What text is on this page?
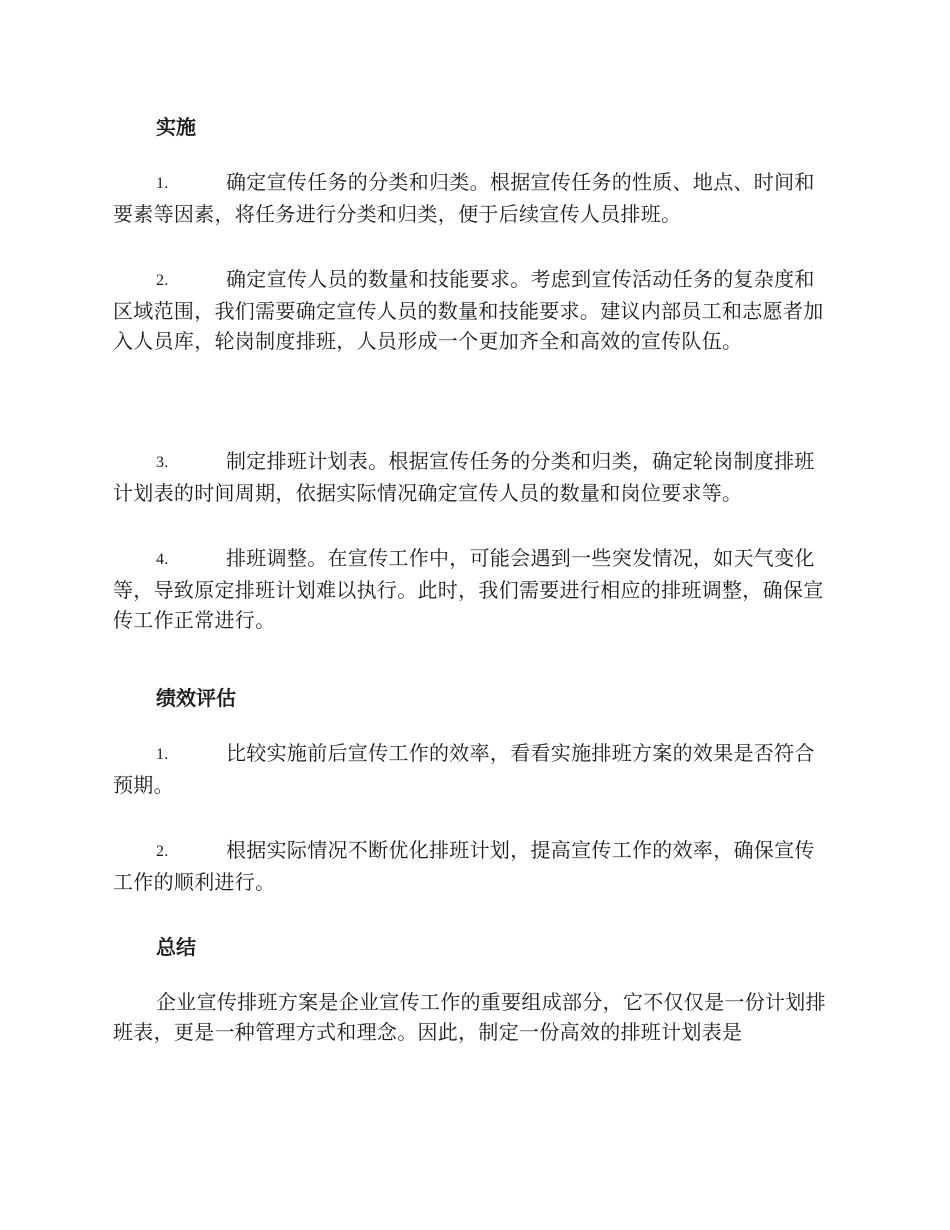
实施

1.	确定宣传任务的分类和归类。根据宣传任务的性质、地点、时间和要素等因素，将任务进行分类和归类，便于后续宣传人员排班。

2.	确定宣传人员的数量和技能要求。考虑到宣传活动任务的复杂度和区域范围，我们需要确定宣传人员的数量和技能要求。建议内部员工和志愿者加入人员库，轮岗制度排班，人员形成一个更加齐全和高效的宣传队伍。

3.	制定排班计划表。根据宣传任务的分类和归类，确定轮岗制度排班计划表的时间周期，依据实际情况确定宣传人员的数量和岗位要求等。

4.	排班调整。在宣传工作中，可能会遇到一些突发情况，如天气变化等，导致原定排班计划难以执行。此时，我们需要进行相应的排班调整，确保宣传工作正常进行。

绩效评估

1.	比较实施前后宣传工作的效率，看看实施排班方案的效果是否符合预期。

2.	根据实际情况不断优化排班计划，提高宣传工作的效率，确保宣传工作的顺利进行。

总结

企业宣传排班方案是企业宣传工作的重要组成部分，它不仅仅是一份计划排班表，更是一种管理方式和理念。因此，制定一份高效的排班计划表是
